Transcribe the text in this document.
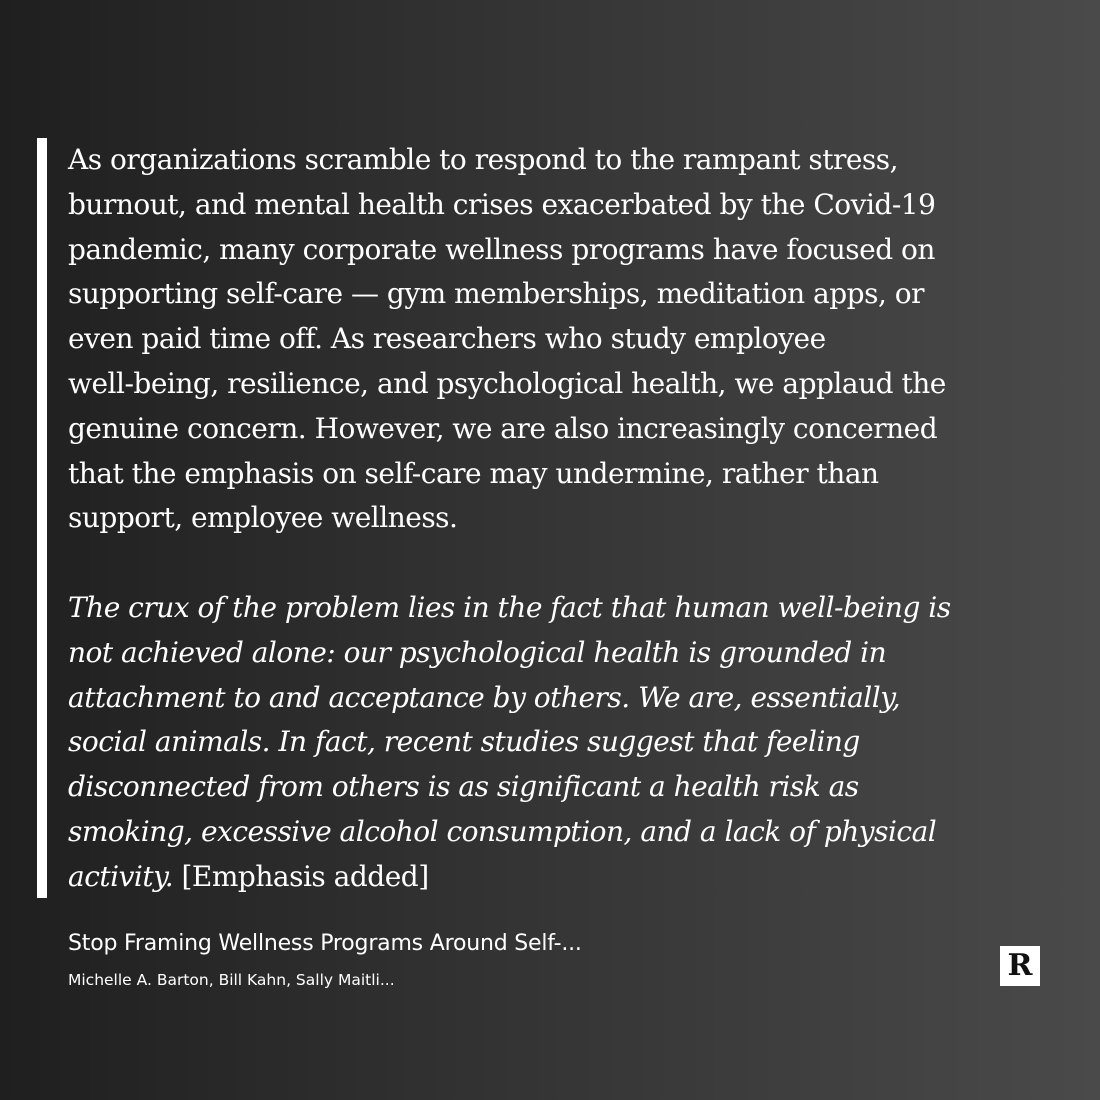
As organizations scramble to respond to the rampant stress,
burnout, and mental health crises exacerbated by the Covid-19
pandemic, many corporate wellness programs have focused on
supporting self-care — gym memberships, meditation apps, or
even paid time off. As researchers who study employee
well-being, resilience, and psychological health, we applaud the
genuine concern. However, we are also increasingly concerned
that the emphasis on self-care may undermine, rather than
support, employee wellness.
The crux of the problem lies in the fact that human well-being is
not achieved alone: our psychological health is grounded in
attachment to and acceptance by others. We are, essentially,
social animals. In fact, recent studies suggest that feeling
disconnected from others is as significant a health risk as
smoking, excessive alcohol consumption, and a lack of physical
activity. [Emphasis added]
Stop Framing Wellness Programs Around Self-...
Michelle A. Barton, Bill Kahn, Sally Maitli...	R
